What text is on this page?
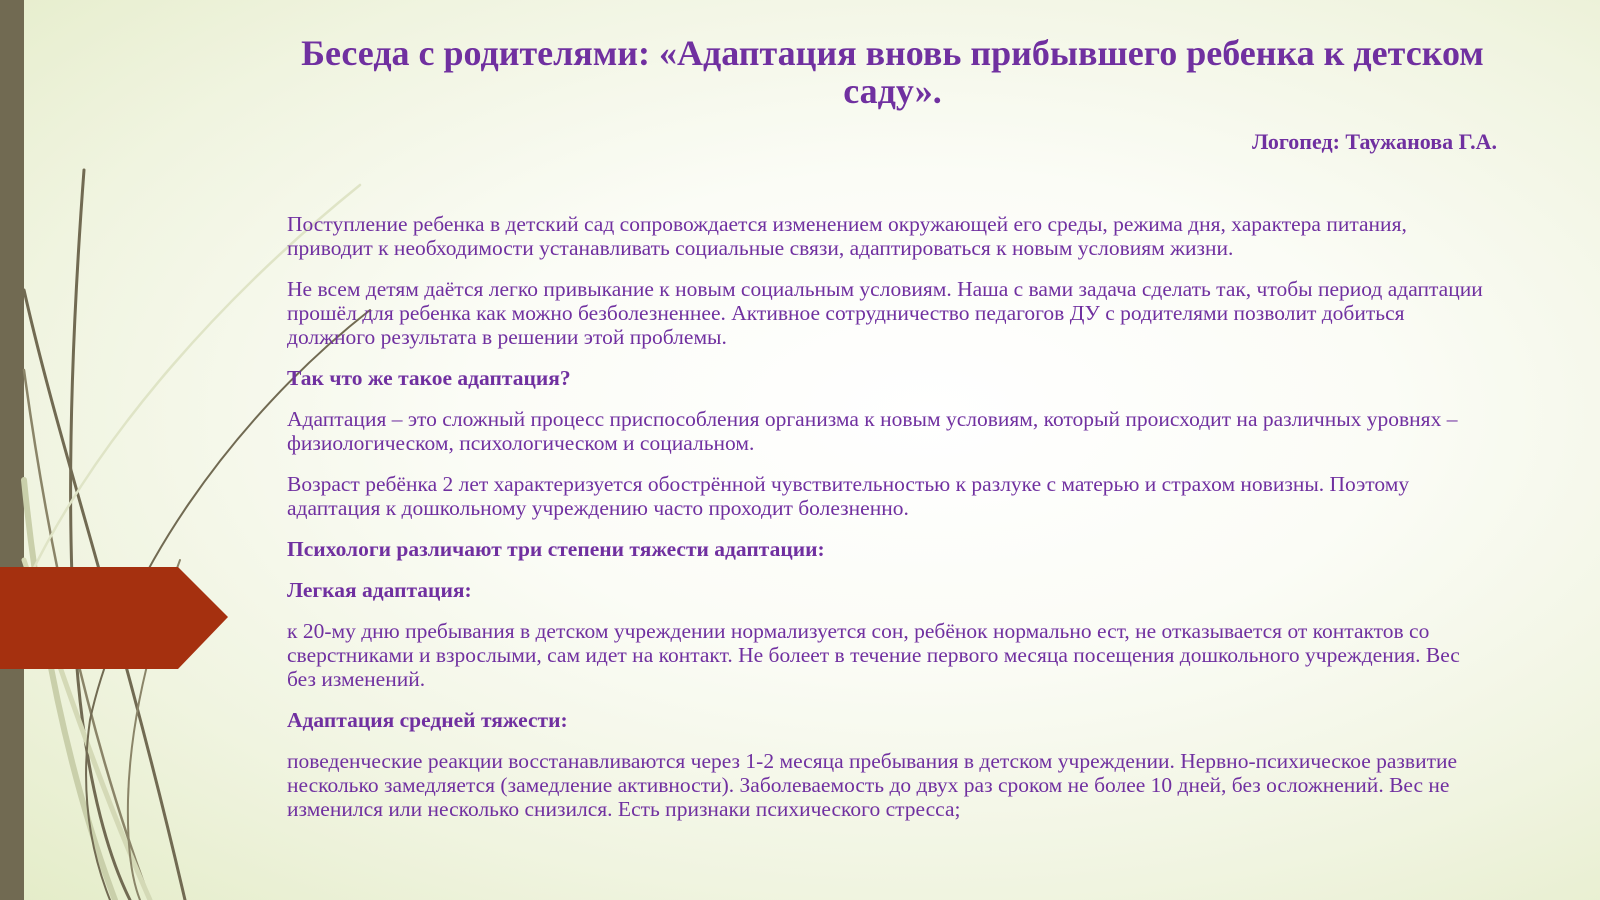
Беседа с родителями: «Адаптация вновь прибывшего ребенка к детском саду».

Логопед: Таужанова Г.А.

Поступление ребенка в детский сад сопровождается изменением окружающей его среды, режима дня, характера питания, приводит к необходимости устанавливать социальные связи, адаптироваться к новым условиям жизни.

Не всем детям даётся легко привыкание к новым социальным условиям. Наша с вами задача сделать так, чтобы период адаптации прошёл для ребенка как можно безболезненнее. Активное сотрудничество педагогов ДУ с родителями позволит добиться должного результата в решении этой проблемы.

Так что же такое адаптация?

Адаптация – это сложный процесс приспособления организма к новым условиям, который происходит на различных уровнях – физиологическом, психологическом и социальном.

Возраст ребёнка 2 лет характеризуется обострённой чувствительностью к разлуке с матерью и страхом новизны. Поэтому адаптация к дошкольному учреждению часто проходит болезненно.

Психологи различают три степени тяжести адаптации:

Легкая адаптация:

к 20-му дню пребывания в детском учреждении нормализуется сон, ребёнок нормально ест, не отказывается от контактов со сверстниками и взрослыми, сам идет на контакт. Не болеет в течение первого месяца посещения дошкольного учреждения. Вес без изменений.

Адаптация средней тяжести:

поведенческие реакции восстанавливаются через 1-2 месяца пребывания в детском учреждении. Нервно-психическое развитие несколько замедляется (замедление активности). Заболеваемость до двух раз сроком не более 10 дней, без осложнений. Вес не изменился или несколько снизился. Есть признаки психического стресса;
